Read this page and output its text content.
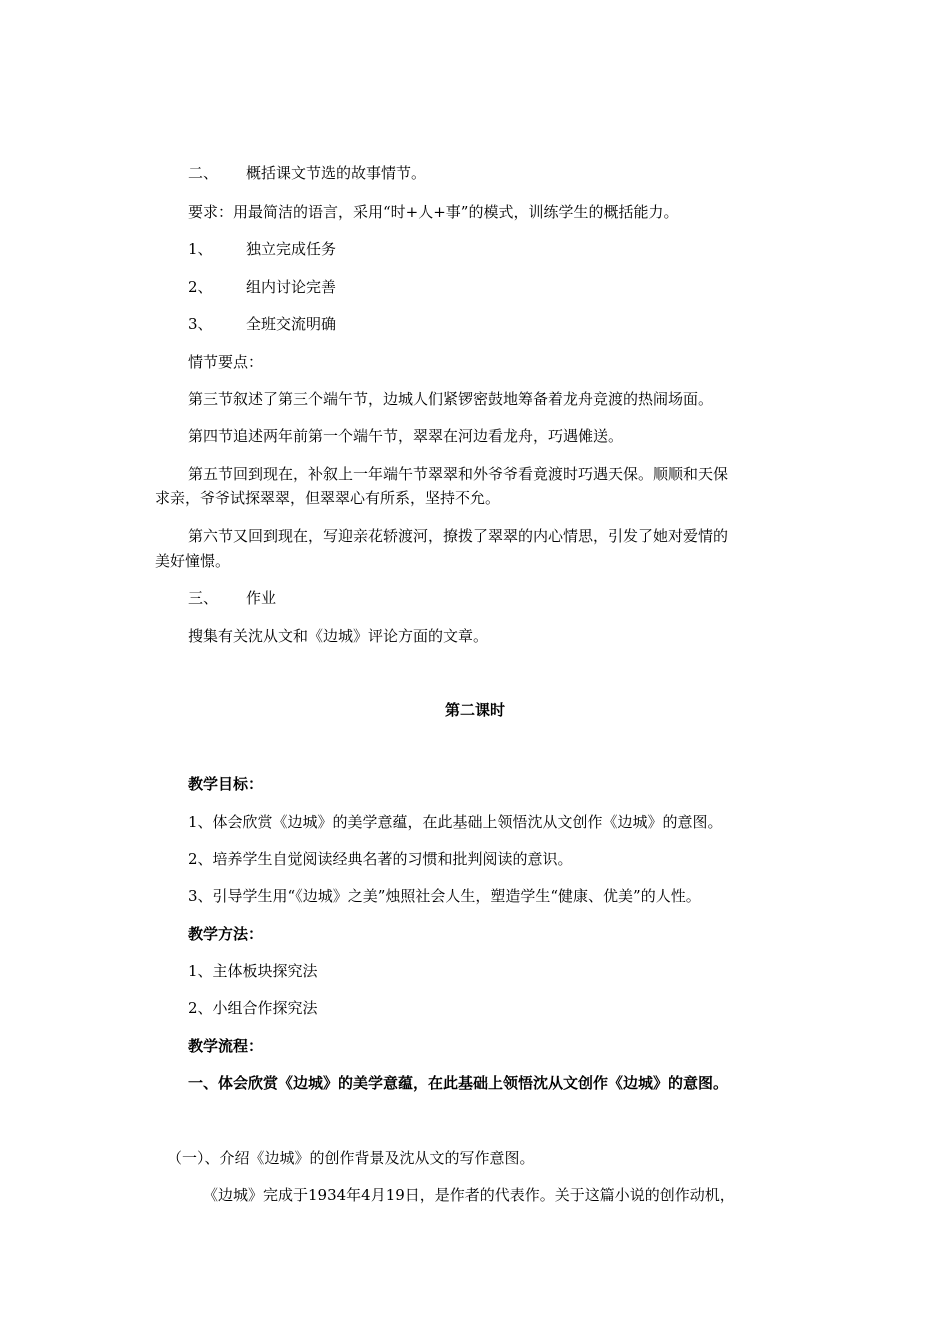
二、 概括课文节选的故事情节。
要求：用最简洁的语言，采用“时+人+事”的模式，训练学生的概括能力。
1、 独立完成任务
2、 组内讨论完善
3、 全班交流明确
情节要点：
第三节叙述了第三个端午节，边城人们紧锣密鼓地筹备着龙舟竞渡的热闹场面。
第四节追述两年前第一个端午节，翠翠在河边看龙舟，巧遇傩送。
第五节回到现在，补叙上一年端午节翠翠和外爷爷看竟渡时巧遇天保。顺顺和天保
求亲，爷爷试探翠翠，但翠翠心有所系，坚持不允。
第六节又回到现在，写迎亲花轿渡河，撩拨了翠翠的内心情思，引发了她对爱情的
美好憧憬。
三、 作业
搜集有关沈从文和《边城》评论方面的文章。
第二课时
教学目标：
1、体会欣赏《边城》的美学意蕴，在此基础上领悟沈从文创作《边城》的意图。
2、培养学生自觉阅读经典名著的习惯和批判阅读的意识。
3、引导学生用“《边城》之美”烛照社会人生，塑造学生“健康、优美”的人性。
教学方法：
1、主体板块探究法
2、小组合作探究法
教学流程：
一、体会欣赏《边城》的美学意蕴，在此基础上领悟沈从文创作《边城》的意图。
（一）、介绍《边城》的创作背景及沈从文的写作意图。
《边城》完成于1934年4月19日，是作者的代表作。关于这篇小说的创作动机，
